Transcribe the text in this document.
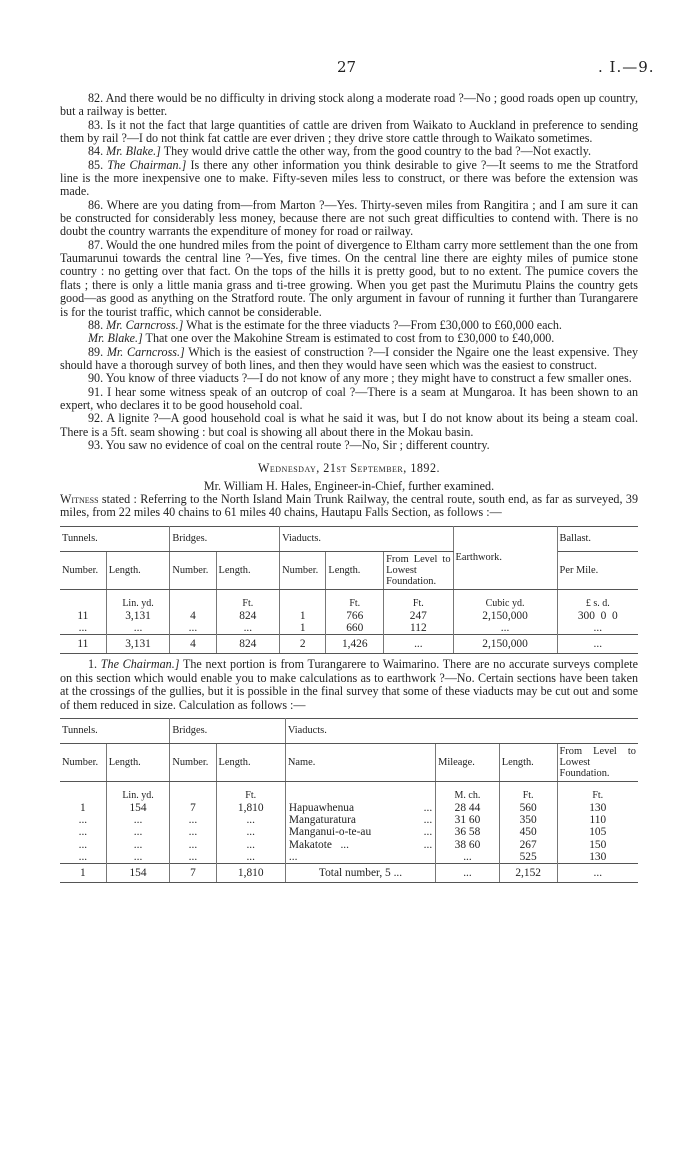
27	. I.—9.

82. And there would be no difficulty in driving stock along a moderate road ?—No ; good roads open up country, but a railway is better.

83. Is it not the fact that large quantities of cattle are driven from Waikato to Auckland in preference to sending them by rail ?—I do not think fat cattle are ever driven ; they drive store cattle through to Waikato sometimes.

84. Mr. Blake.] They would drive cattle the other way, from the good country to the bad ?—Not exactly.

85. The Chairman.] Is there any other information you think desirable to give ?—It seems to me the Stratford line is the more inexpensive one to make. Fifty-seven miles less to construct, or there was before the extension was made.

86. Where are you dating from—from Marton ?—Yes. Thirty-seven miles from Rangitira ; and I am sure it can be constructed for considerably less money, because there are not such great difficulties to contend with. There is no doubt the country warrants the expenditure of money for road or railway.

87. Would the one hundred miles from the point of divergence to Eltham carry more settlement than the one from Taumarunui towards the central line ?—Yes, five times. On the central line there are eighty miles of pumice stone country : no getting over that fact. On the tops of the hills it is pretty good, but to no extent. The pumice covers the flats ; there is only a little mania grass and ti-tree growing. When you get past the Murimutu Plains the country gets good—as good as anything on the Stratford route. The only argument in favour of running it further than Turangarere is for the tourist traffic, which cannot be considerable.

88. Mr. Carncross.] What is the estimate for the three viaducts ?—From £30,000 to £60,000 each.

Mr. Blake.] That one over the Makohine Stream is estimated to cost from to £30,000 to £40,000.

89. Mr. Carncross.] Which is the easiest of construction ?—I consider the Ngaire one the least expensive. They should have a thorough survey of both lines, and then they would have seen which was the easiest to construct.

90. You know of three viaducts ?—I do not know of any more ; they might have to construct a few smaller ones.

91. I hear some witness speak of an outcrop of coal ?—There is a seam at Mungaroa. It has been shown to an expert, who declares it to be good household coal.

92. A lignite ?—A good household coal is what he said it was, but I do not know about its being a steam coal. There is a 5ft. seam showing : but coal is showing all about there in the Mokau basin.

93. You saw no evidence of coal on the central route ?—No, Sir ; different country.

Wednesday, 21st September, 1892.

Mr. William H. Hales, Engineer-in-Chief, further examined.

Witness stated : Referring to the North Island Main Trunk Railway, the central route, south end, as far as surveyed, 39 miles, from 22 miles 40 chains to 61 miles 40 chains, Hautapu Falls Section, as follows :—

Tunnels.		Bridges.		Viaducts.			Earthwork.	Ballast.
Number.	Length.	Number.	Length.	Number.	Length.	From Level to Lowest Foundation.		Per Mile.
	Lin. yd.		Ft.		Ft.	Ft.	Cubic yd.	£ s. d.
11	3,131	4	824	1	766	247	2,150,000	300  0  0
...	...	...	...	1	660	112	...	...
11	3,131	4	824	2	1,426	...	2,150,000	...

1. The Chairman.] The next portion is from Turangarere to Waimarino. There are no accurate surveys complete on this section which would enable you to make calculations as to earthwork ?—No. Certain sections have been taken at the crossings of the gullies, but it is possible in the final survey that some of these viaducts may be cut out and some of them reduced in size. Calculation as follows :—

Tunnels.		Bridges.		Viaducts.			
Number.	Length.	Number.	Length.	Name.	Mileage.	Length.	From Level to Lowest Foundation.
	Lin. yd.		Ft.		M. ch.	Ft.	Ft.
1	154	7	1,810	Hapuawhenua ...	28 44	560	130
...	...	...	...	Mangaturatura ...	31 60	350	110
...	...	...	...	Manganui-o-te-au ...	36 58	450	105
...	...	...	...	Makatote   ... ...	38 60	267	150
...	...	...	...	...	...	525	130
1	154	7	1,810	Total number, 5 ...	...	2,152	...
